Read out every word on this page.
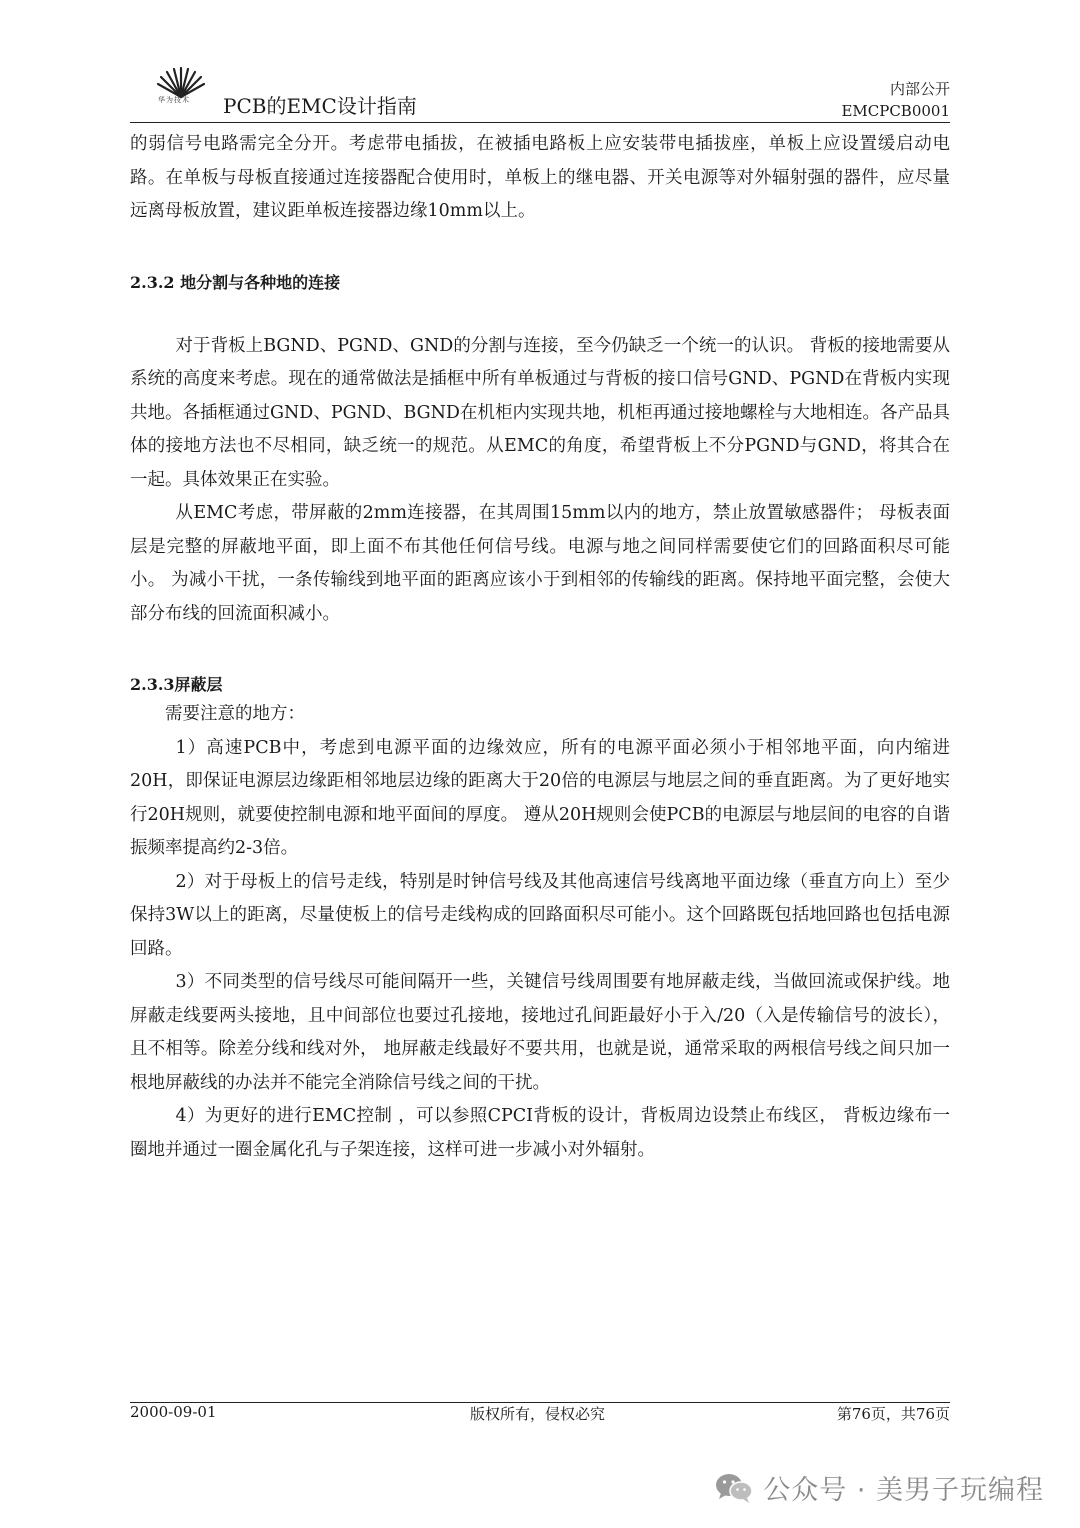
华为技术 PCB的EMC设计指南
内部公开
EMCPCB0001

的弱信号电路需完全分开。考虑带电插拔，在被插电路板上应安装带电插拔座，单板上应设置缓启动电路。在单板与母板直接通过连接器配合使用时，单板上的继电器、开关电源等对外辐射强的器件，应尽量远离母板放置，建议距单板连接器边缘10mm以上。

2.3.2 地分割与各种地的连接

对于背板上BGND、PGND、GND的分割与连接，至今仍缺乏一个统一的认识。 背板的接地需要从系统的高度来考虑。现在的通常做法是插框中所有单板通过与背板的接口信号GND、PGND在背板内实现共地。各插框通过GND、PGND、BGND在机柜内实现共地，机柜再通过接地螺栓与大地相连。各产品具体的接地方法也不尽相同，缺乏统一的规范。从EMC的角度，希望背板上不分PGND与GND，将其合在一起。具体效果正在实验。

从EMC考虑，带屏蔽的2mm连接器，在其周围15mm以内的地方，禁止放置敏感器件； 母板表面层是完整的屏蔽地平面，即上面不布其他任何信号线。电源与地之间同样需要使它们的回路面积尽可能小。 为减小干扰，一条传输线到地平面的距离应该小于到相邻的传输线的距离。保持地平面完整，会使大部分布线的回流面积减小。

2.3.3屏蔽层

需要注意的地方：

1）高速PCB中，考虑到电源平面的边缘效应，所有的电源平面必须小于相邻地平面，向内缩进20H，即保证电源层边缘距相邻地层边缘的距离大于20倍的电源层与地层之间的垂直距离。为了更好地实行20H规则，就要使控制电源和地平面间的厚度。 遵从20H规则会使PCB的电源层与地层间的电容的自谐振频率提高约2-3倍。

2）对于母板上的信号走线，特别是时钟信号线及其他高速信号线离地平面边缘（垂直方向上）至少保持3W以上的距离，尽量使板上的信号走线构成的回路面积尽可能小。这个回路既包括地回路也包括电源回路。

3）不同类型的信号线尽可能间隔开一些，关键信号线周围要有地屏蔽走线，当做回流或保护线。地屏蔽走线要两头接地，且中间部位也要过孔接地，接地过孔间距最好小于入/20（入是传输信号的波长），且不相等。除差分线和线对外， 地屏蔽走线最好不要共用，也就是说，通常采取的两根信号线之间只加一根地屏蔽线的办法并不能完全消除信号线之间的干扰。

4）为更好的进行EMC控制 ，可以参照CPCI背板的设计，背板周边设禁止布线区， 背板边缘布一圈地并通过一圈金属化孔与子架连接，这样可进一步减小对外辐射。

2000-09-01	版权所有，侵权必究	第76页，共76页
公众号 · 美男子玩编程
